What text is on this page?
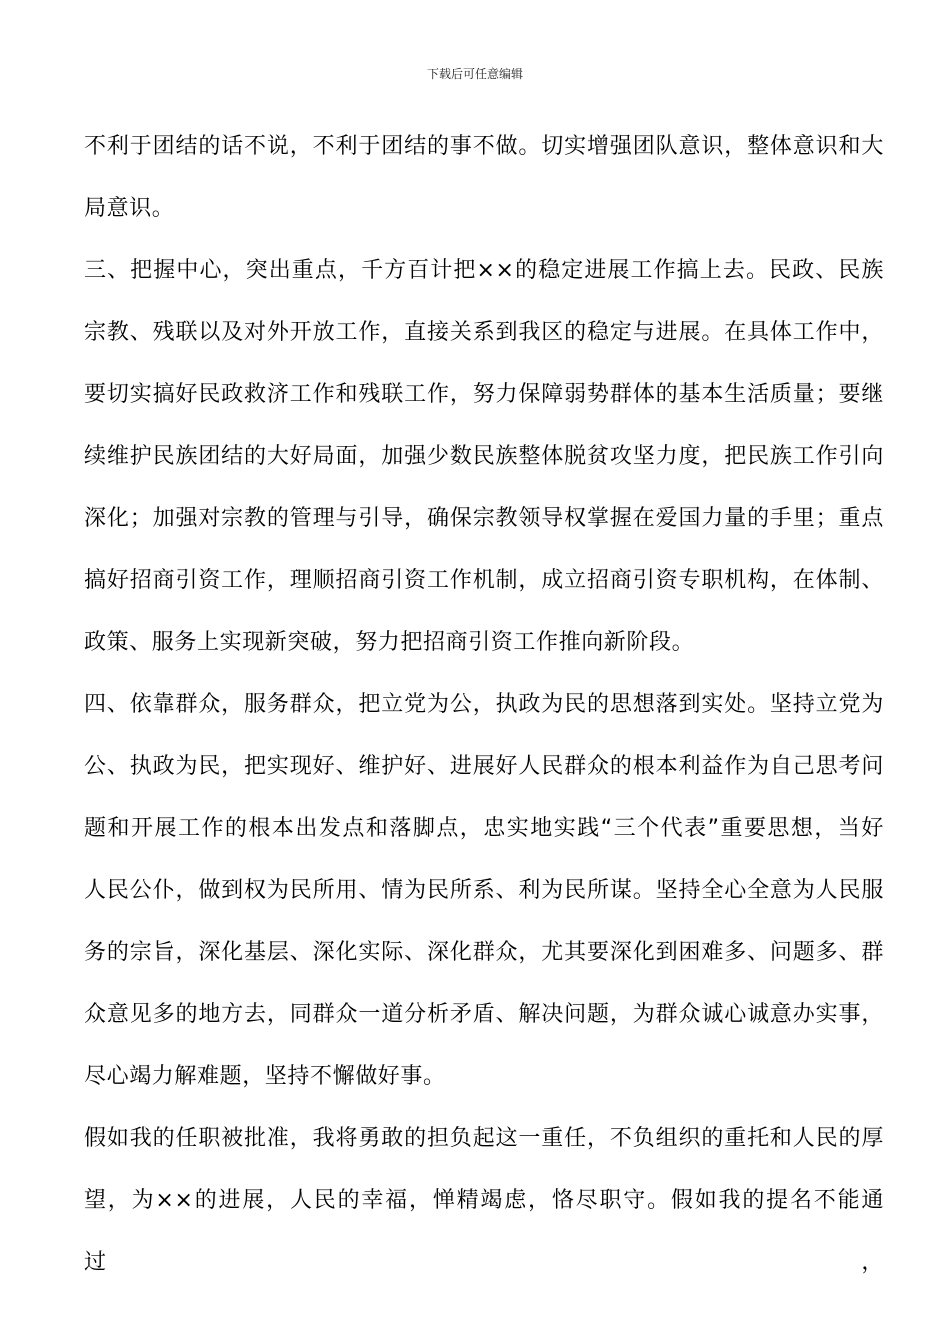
下载后可任意编辑
不利于团结的话不说，不利于团结的事不做。切实增强团队意识，整体意识和大
局意识。
三、把握中心，突出重点，千方百计把××的稳定进展工作搞上去。民政、民族
宗教、残联以及对外开放工作，直接关系到我区的稳定与进展。在具体工作中，
要切实搞好民政救济工作和残联工作，努力保障弱势群体的基本生活质量；要继
续维护民族团结的大好局面，加强少数民族整体脱贫攻坚力度，把民族工作引向
深化；加强对宗教的管理与引导，确保宗教领导权掌握在爱国力量的手里；重点
搞好招商引资工作，理顺招商引资工作机制，成立招商引资专职机构，在体制、
政策、服务上实现新突破，努力把招商引资工作推向新阶段。
四、依靠群众，服务群众，把立党为公，执政为民的思想落到实处。坚持立党为
公、执政为民，把实现好、维护好、进展好人民群众的根本利益作为自己思考问
题和开展工作的根本出发点和落脚点，忠实地实践“三个代表”重要思想，当好
人民公仆，做到权为民所用、情为民所系、利为民所谋。坚持全心全意为人民服
务的宗旨，深化基层、深化实际、深化群众，尤其要深化到困难多、问题多、群
众意见多的地方去，同群众一道分析矛盾、解决问题，为群众诚心诚意办实事，
尽心竭力解难题，坚持不懈做好事。
假如我的任职被批准，我将勇敢的担负起这一重任，不负组织的重托和人民的厚
望，为××的进展，人民的幸福，惮精竭虑，恪尽职守。假如我的提名不能通过，
